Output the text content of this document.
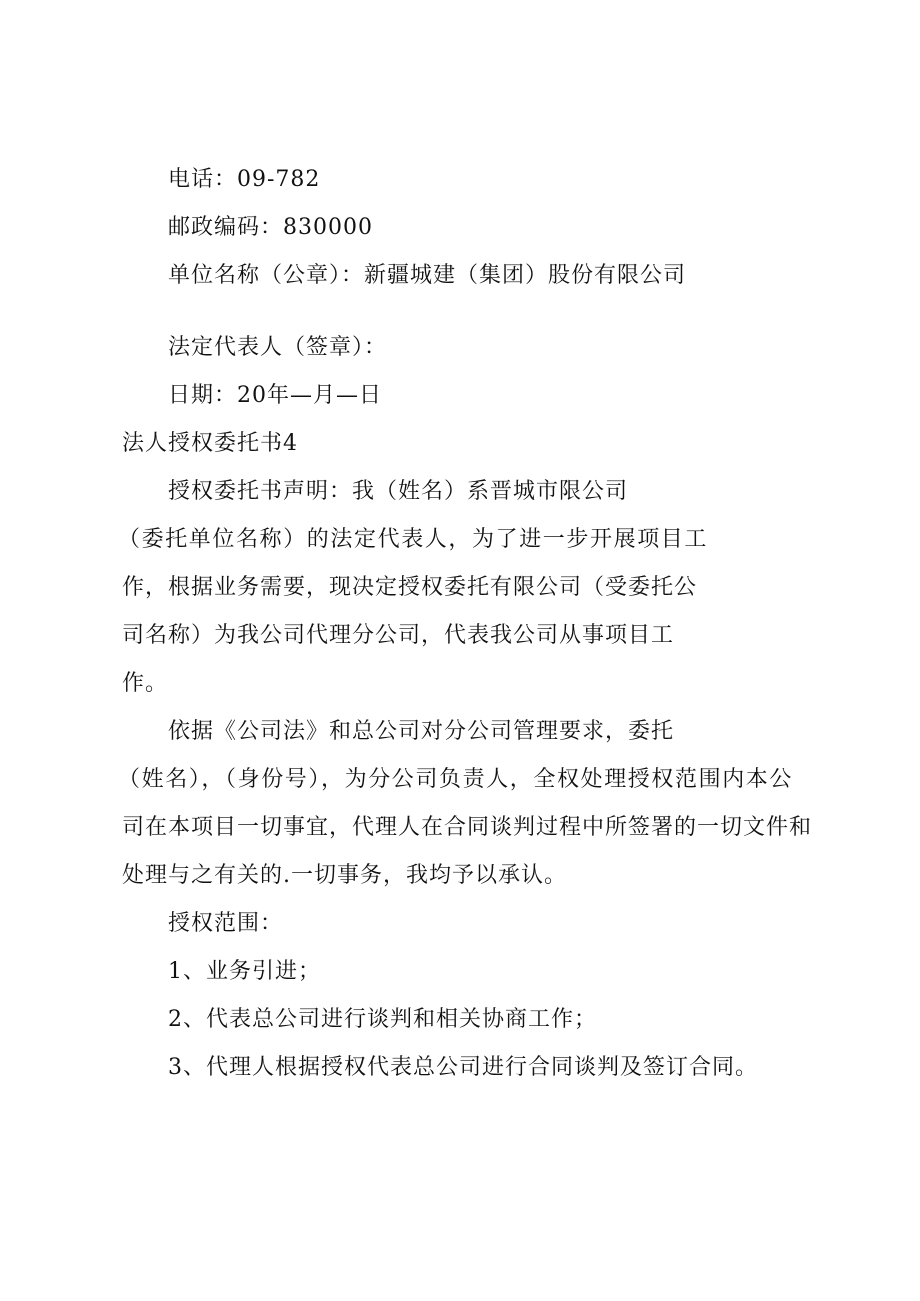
电话：09-782
邮政编码：830000
单位名称（公章）：新疆城建（集团）股份有限公司
法定代表人（签章）：
日期：20年—月—日
法人授权委托书4
授权委托书声明：我（姓名）系晋城市限公司
（委托单位名称）的法定代表人，为了进一步开展项目工
作，根据业务需要，现决定授权委托有限公司（受委托公
司名称）为我公司代理分公司，代表我公司从事项目工
作。
依据《公司法》和总公司对分公司管理要求，委托
（姓名），（身份号），为分公司负责人，全权处理授权范围内本公
司在本项目一切事宜，代理人在合同谈判过程中所签署的一切文件和
处理与之有关的.一切事务，我均予以承认。
授权范围：
1、业务引进；
2、代表总公司进行谈判和相关协商工作；
3、代理人根据授权代表总公司进行合同谈判及签订合同。
